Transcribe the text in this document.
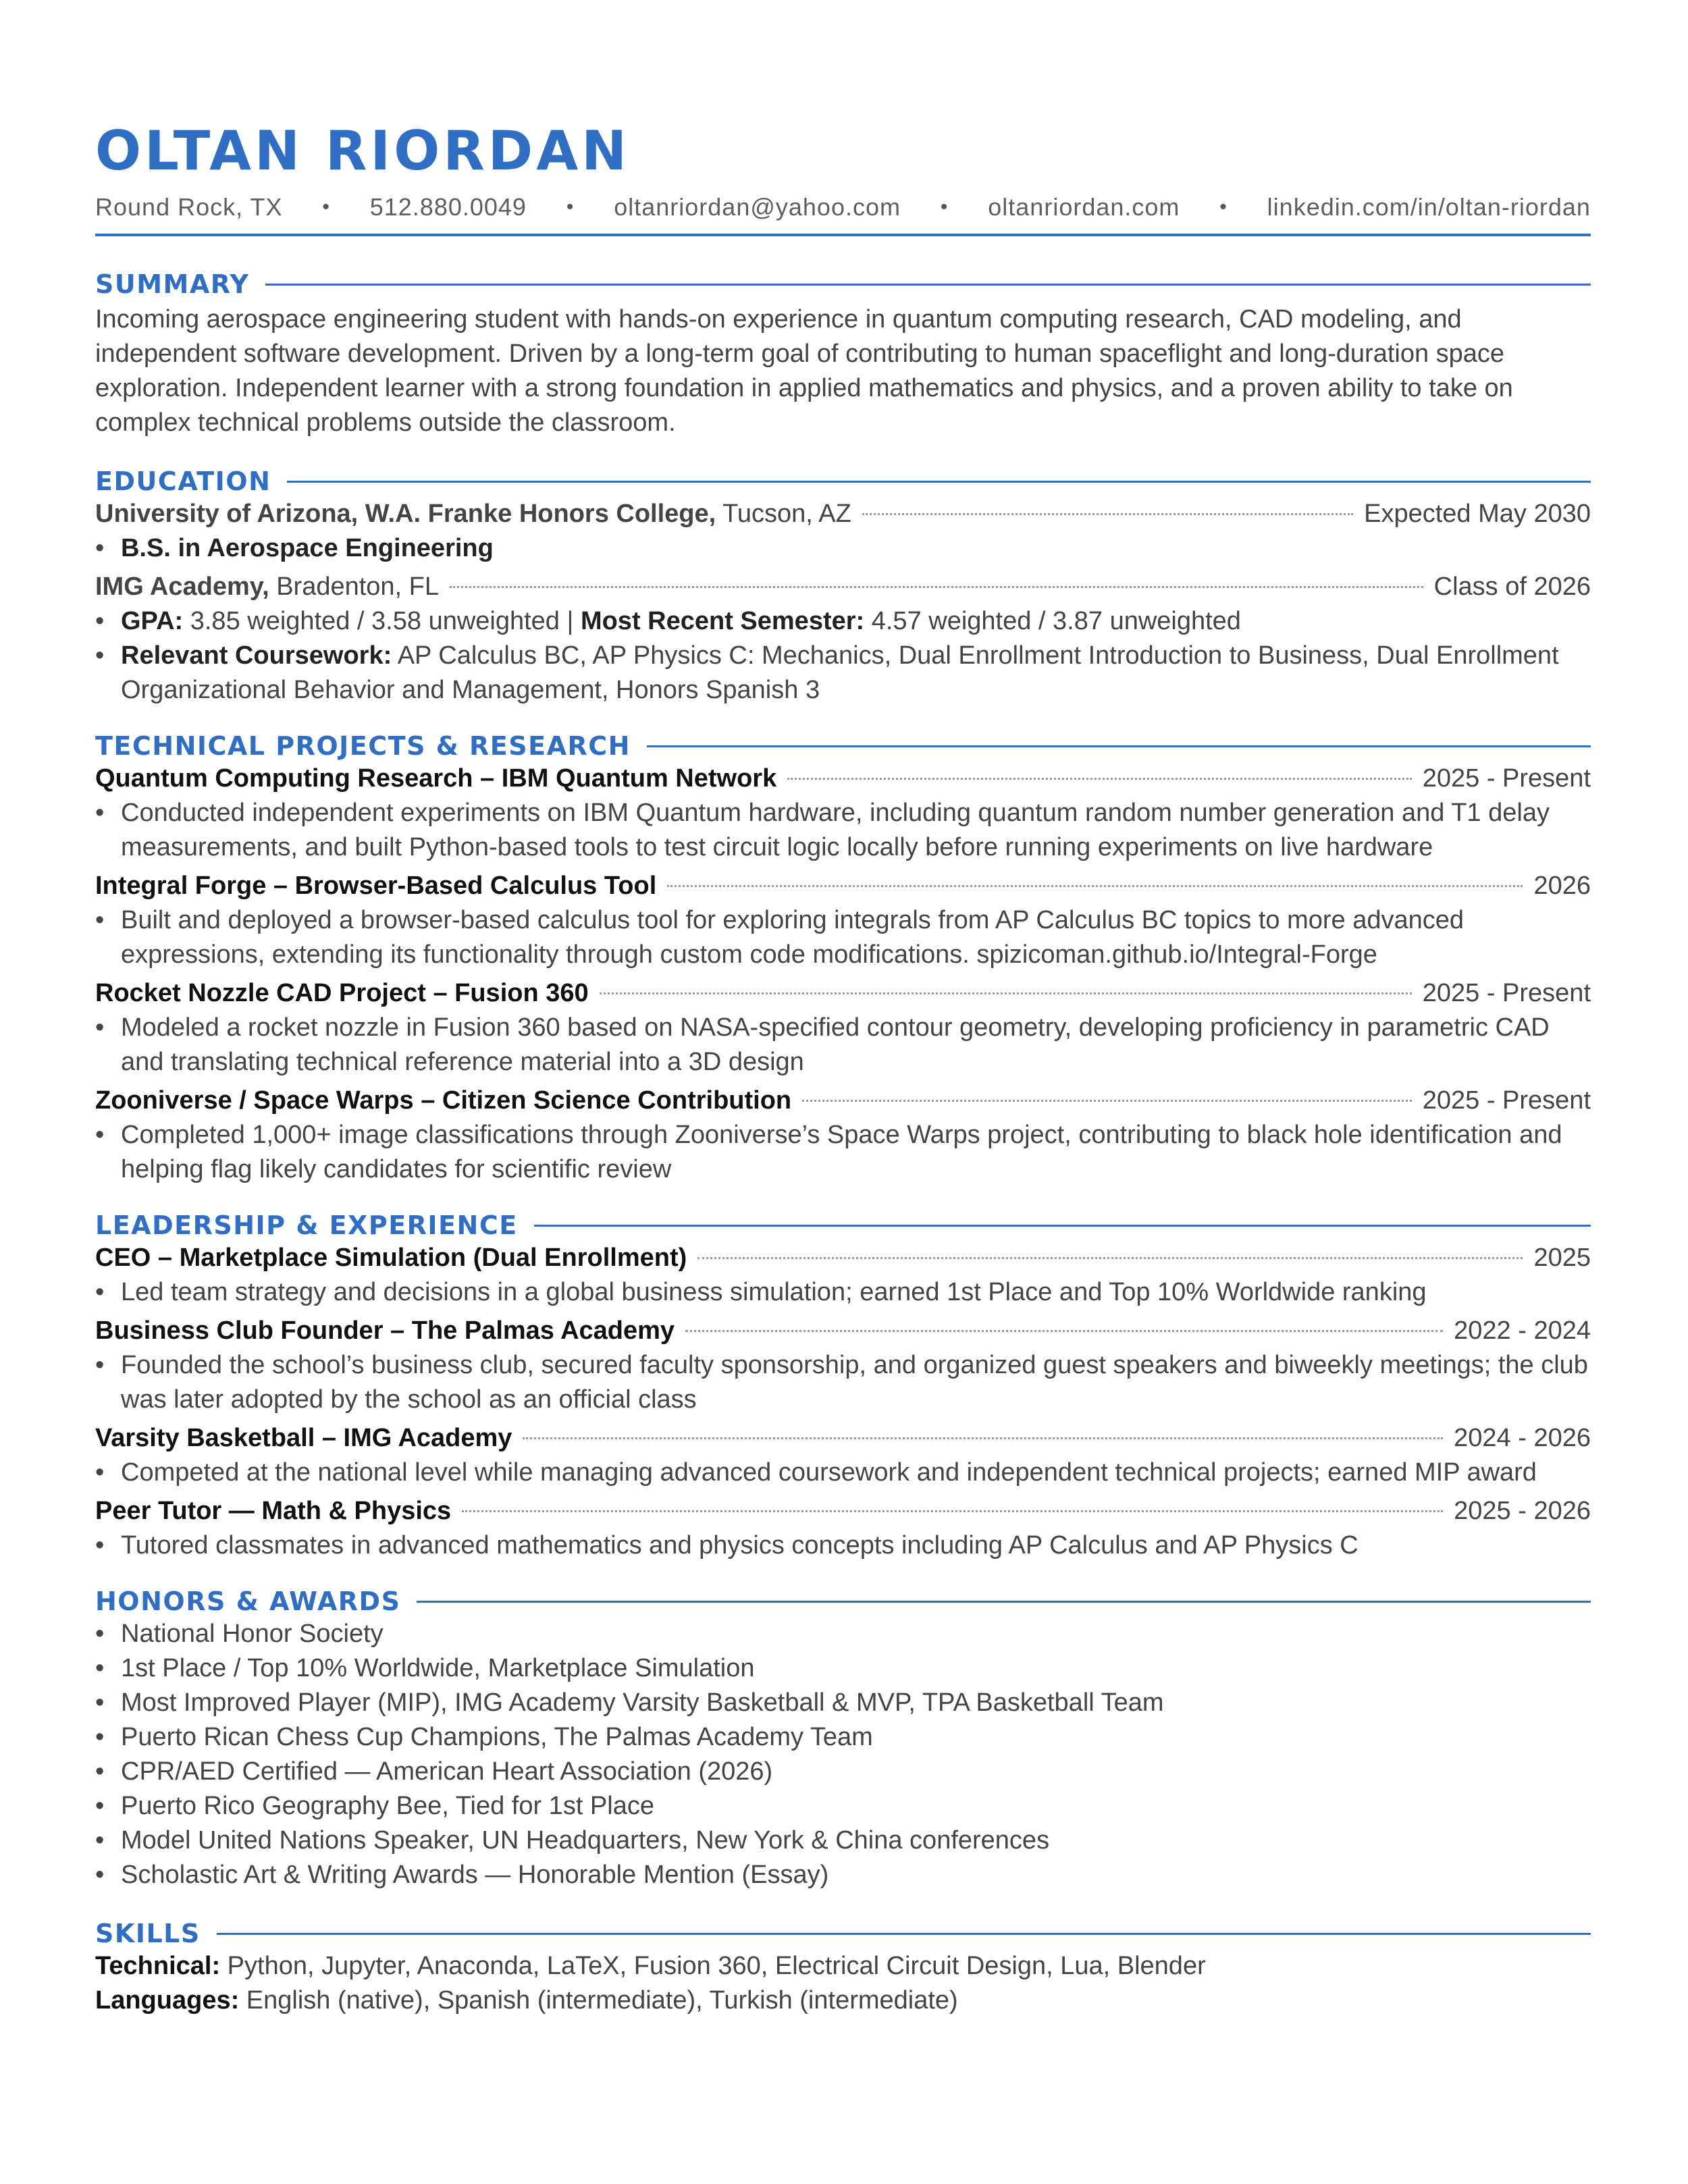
OLTAN RIORDAN
Round Rock, TX • 512.880.0049 • oltanriordan@yahoo.com • oltanriordan.com • linkedin.com/in/oltan-riordan
SUMMARY

Incoming aerospace engineering student with hands-on experience in quantum computing research, CAD modeling, and independent software development. Driven by a long-term goal of contributing to human spaceflight and long-duration space exploration. Independent learner with a strong foundation in applied mathematics and physics, and a proven ability to take on complex technical problems outside the classroom.

EDUCATION
University of Arizona, W.A. Franke Honors College, Tucson, AZ	Expected May 2030
• B.S. in Aerospace Engineering
IMG Academy, Bradenton, FL	Class of 2026
• GPA: 3.85 weighted / 3.58 unweighted | Most Recent Semester: 4.57 weighted / 3.87 unweighted
• Relevant Coursework: AP Calculus BC, AP Physics C: Mechanics, Dual Enrollment Introduction to Business, Dual Enrollment Organizational Behavior and Management, Honors Spanish 3
TECHNICAL PROJECTS & RESEARCH
Quantum Computing Research – IBM Quantum Network	2025 - Present
• Conducted independent experiments on IBM Quantum hardware, including quantum random number generation and T1 delay measurements, and built Python-based tools to test circuit logic locally before running experiments on live hardware
Integral Forge – Browser-Based Calculus Tool	2026
• Built and deployed a browser-based calculus tool for exploring integrals from AP Calculus BC topics to more advanced expressions, extending its functionality through custom code modifications. spizicoman.github.io/Integral-Forge
Rocket Nozzle CAD Project – Fusion 360	2025 - Present
• Modeled a rocket nozzle in Fusion 360 based on NASA-specified contour geometry, developing proficiency in parametric CAD and translating technical reference material into a 3D design
Zooniverse / Space Warps – Citizen Science Contribution	2025 - Present
• Completed 1,000+ image classifications through Zooniverse’s Space Warps project, contributing to black hole identification and helping flag likely candidates for scientific review
LEADERSHIP & EXPERIENCE
CEO – Marketplace Simulation (Dual Enrollment)	2025
• Led team strategy and decisions in a global business simulation; earned 1st Place and Top 10% Worldwide ranking
Business Club Founder – The Palmas Academy	2022 - 2024
• Founded the school’s business club, secured faculty sponsorship, and organized guest speakers and biweekly meetings; the club was later adopted by the school as an official class
Varsity Basketball – IMG Academy	2024 - 2026
• Competed at the national level while managing advanced coursework and independent technical projects; earned MIP award
Peer Tutor — Math & Physics	2025 - 2026
• Tutored classmates in advanced mathematics and physics concepts including AP Calculus and AP Physics C
HONORS & AWARDS
• National Honor Society
• 1st Place / Top 10% Worldwide, Marketplace Simulation
• Most Improved Player (MIP), IMG Academy Varsity Basketball & MVP, TPA Basketball Team
• Puerto Rican Chess Cup Champions, The Palmas Academy Team
• CPR/AED Certified — American Heart Association (2026)
• Puerto Rico Geography Bee, Tied for 1st Place
• Model United Nations Speaker, UN Headquarters, New York & China conferences
• Scholastic Art & Writing Awards — Honorable Mention (Essay)
SKILLS
Technical: Python, Jupyter, Anaconda, LaTeX, Fusion 360, Electrical Circuit Design, Lua, Blender
Languages: English (native), Spanish (intermediate), Turkish (intermediate)
